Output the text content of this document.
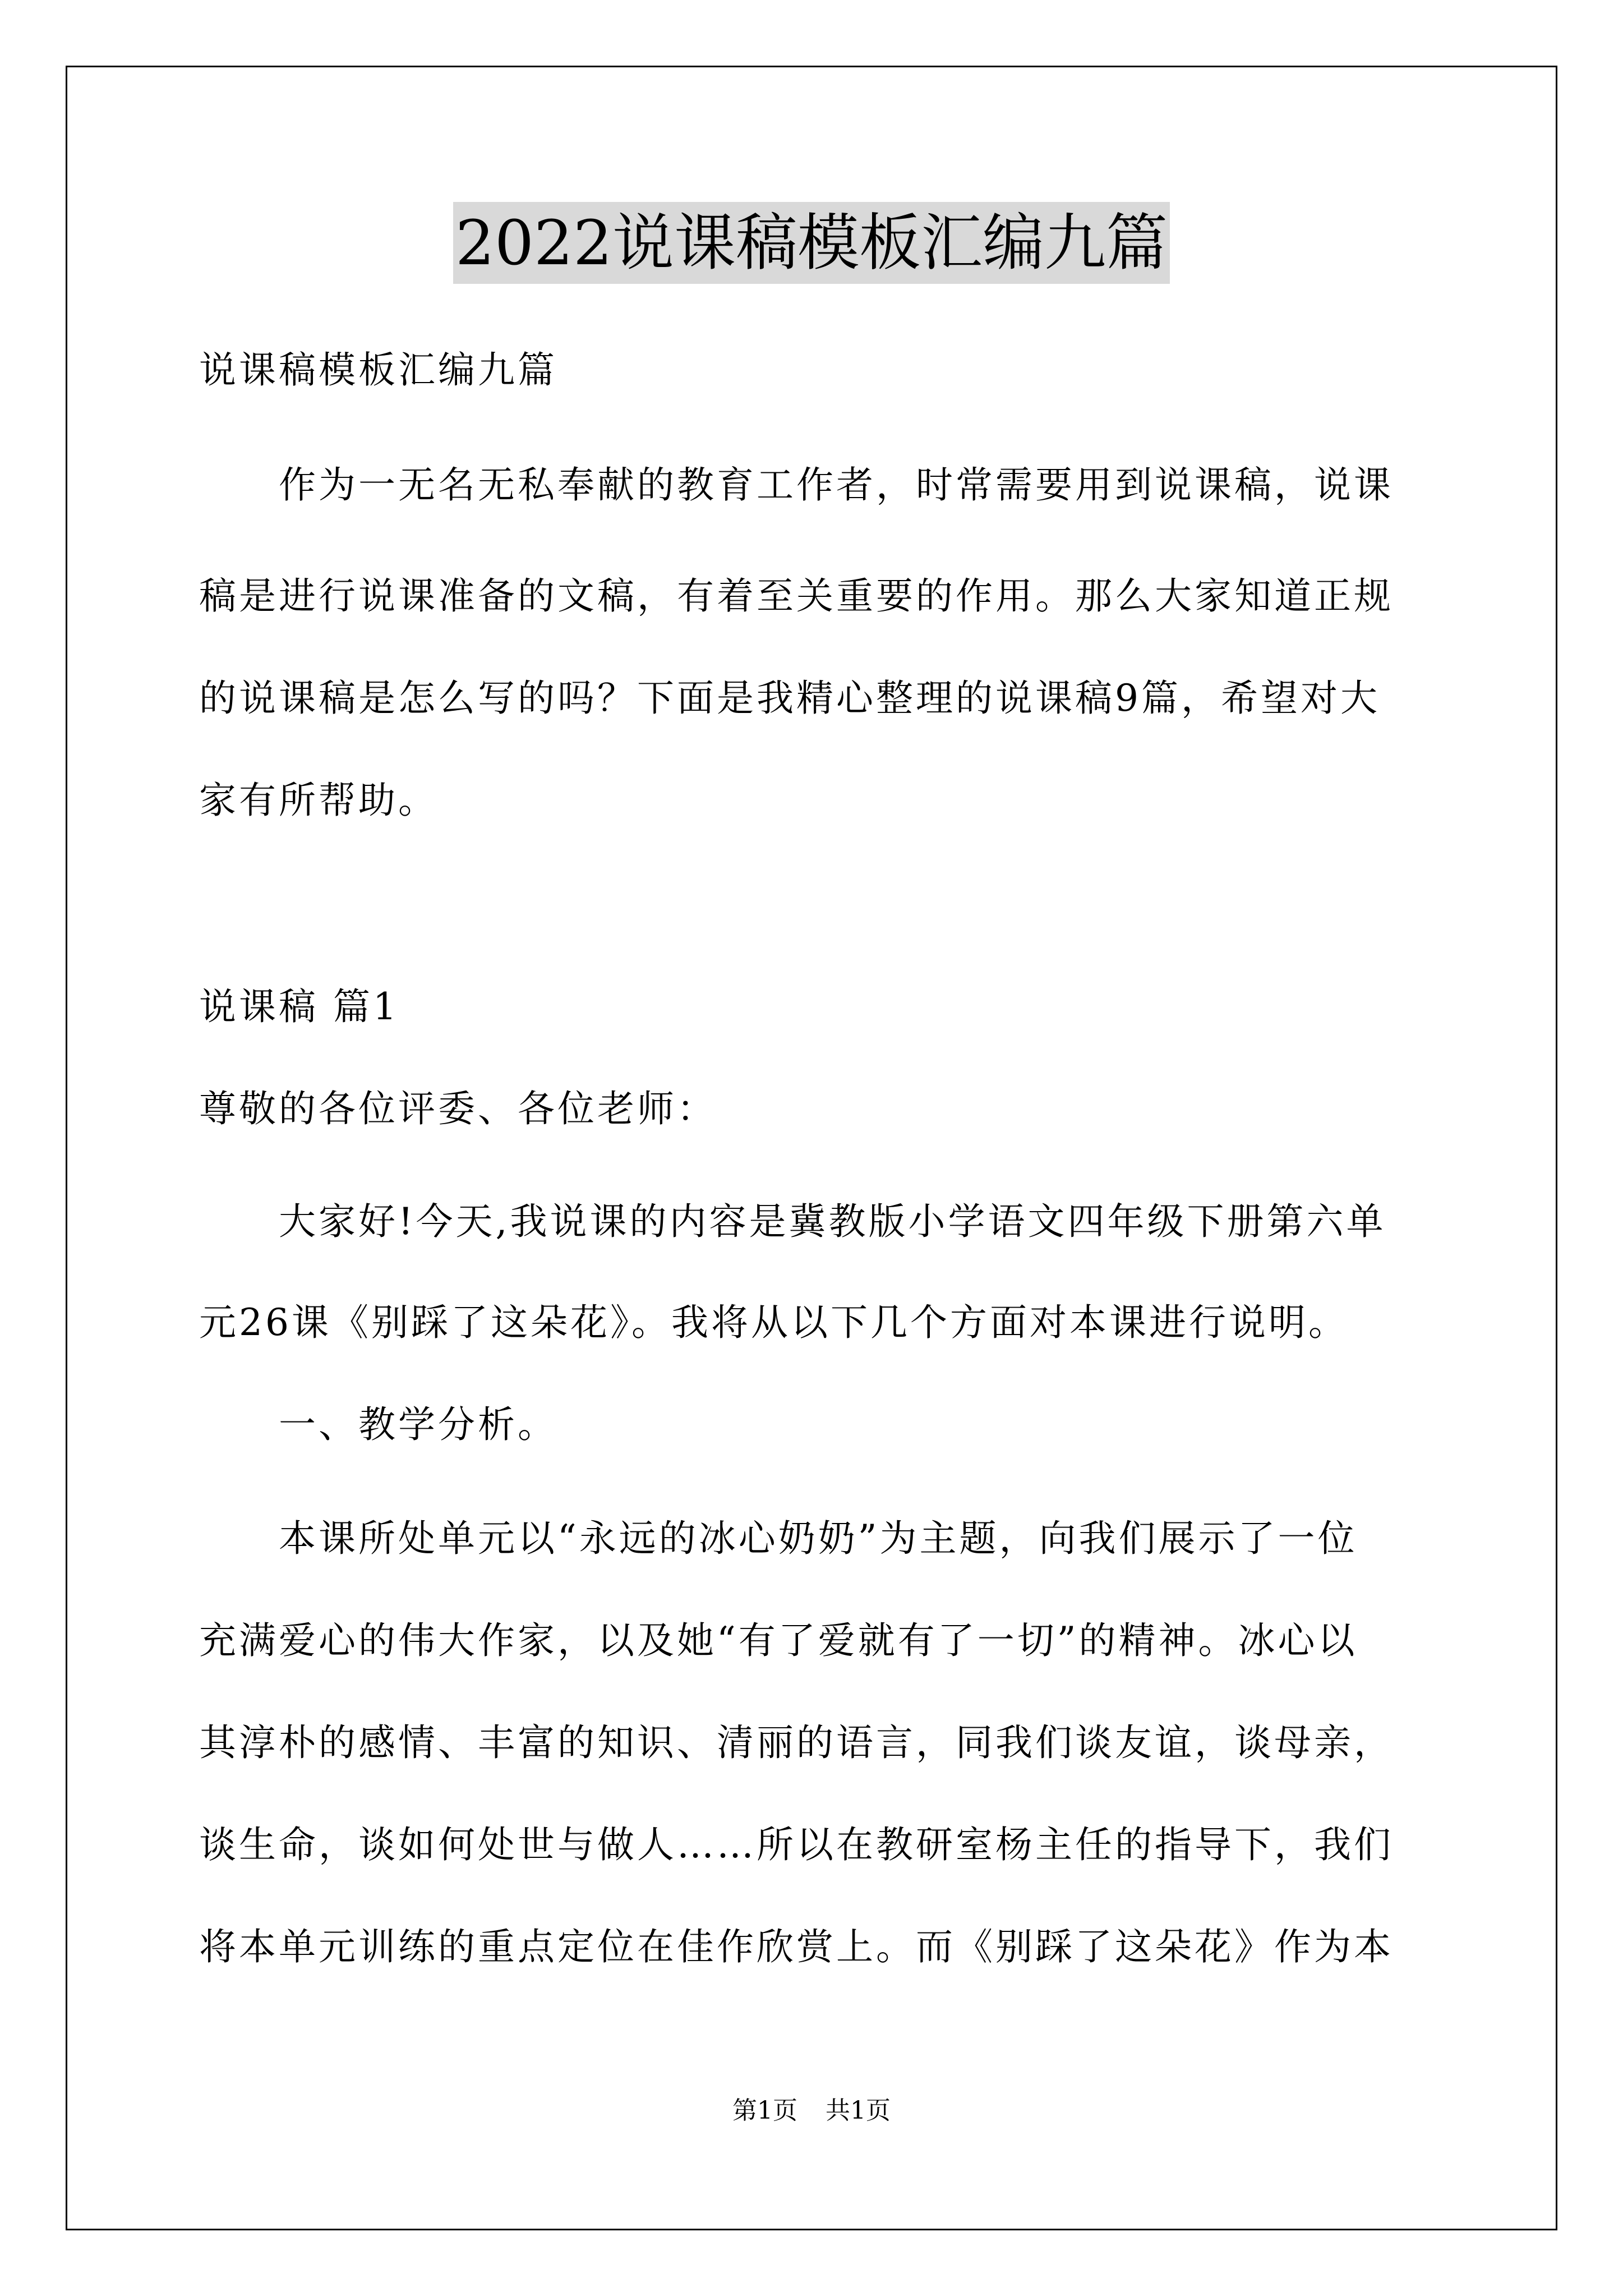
2022说课稿模板汇编九篇
说课稿模板汇编九篇
作为一无名无私奉献的教育工作者，时常需要用到说课稿，说课
稿是进行说课准备的文稿，有着至关重要的作用。那么大家知道正规
的说课稿是怎么写的吗？下面是我精心整理的说课稿9篇，希望对大
家有所帮助。
说课稿 篇1
尊敬的各位评委、各位老师：
大家好!今天,我说课的内容是冀教版小学语文四年级下册第六单
元26课《别踩了这朵花》。我将从以下几个方面对本课进行说明。
一、教学分析。
本课所处单元以“永远的冰心奶奶”为主题，向我们展示了一位
充满爱心的伟大作家，以及她“有了爱就有了一切”的精神。冰心以
其淳朴的感情、丰富的知识、清丽的语言，同我们谈友谊，谈母亲，
谈生命，谈如何处世与做人……所以在教研室杨主任的指导下，我们
将本单元训练的重点定位在佳作欣赏上。而《别踩了这朵花》作为本
第1页 共1页
